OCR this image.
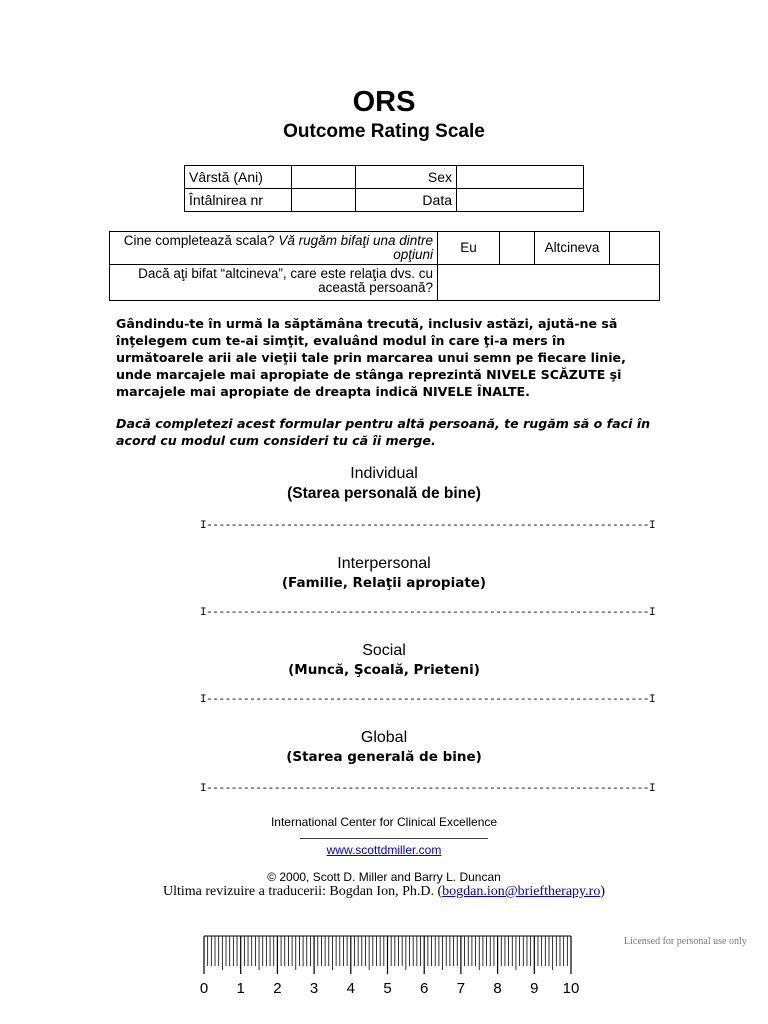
ORS
Outcome Rating Scale
Vârstă (Ani)		Sex	
Întâlnirea nr		Data	
Cine completează scala? Vă rugăm bifaţi una dintre opţiuni	Eu		Altcineva	
Dacă aţi bifat “altcineva”, care este relaţia dvs. cu această persoană?				
Gândindu-te în urmă la săptămâna trecută, inclusiv astăzi, ajută-ne să înţelegem cum te-ai simţit, evaluând modul în care ţi-a mers în următoarele arii ale vieţii tale prin marcarea unui semn pe fiecare linie, unde marcajele mai apropiate de stânga reprezintă NIVELE SCĂZUTE şi marcajele mai apropiate de dreapta indică NIVELE ÎNALTE.
Dacă completezi acest formular pentru altă persoană, te rugăm să o faci în acord cu modul cum consideri tu că îi merge.
Individual
(Starea personală de bine)
I------------------------------------------------------------------------I
Interpersonal
(Familie, Relaţii apropiate)
I------------------------------------------------------------------------I
Social
(Muncă, Şcoală, Prieteni)
I------------------------------------------------------------------------I
Global
(Starea generală de bine)
I------------------------------------------------------------------------I
International Center for Clinical Excellence
www.scottdmiller.com
© 2000, Scott D. Miller and Barry L. Duncan
Ultima revizuire a traducerii: Bogdan Ion, Ph.D. (bogdan.ion@brieftherapy.ro)
Licensed for personal use only
0 1 2 3 4 5 6 7 8 9 10
